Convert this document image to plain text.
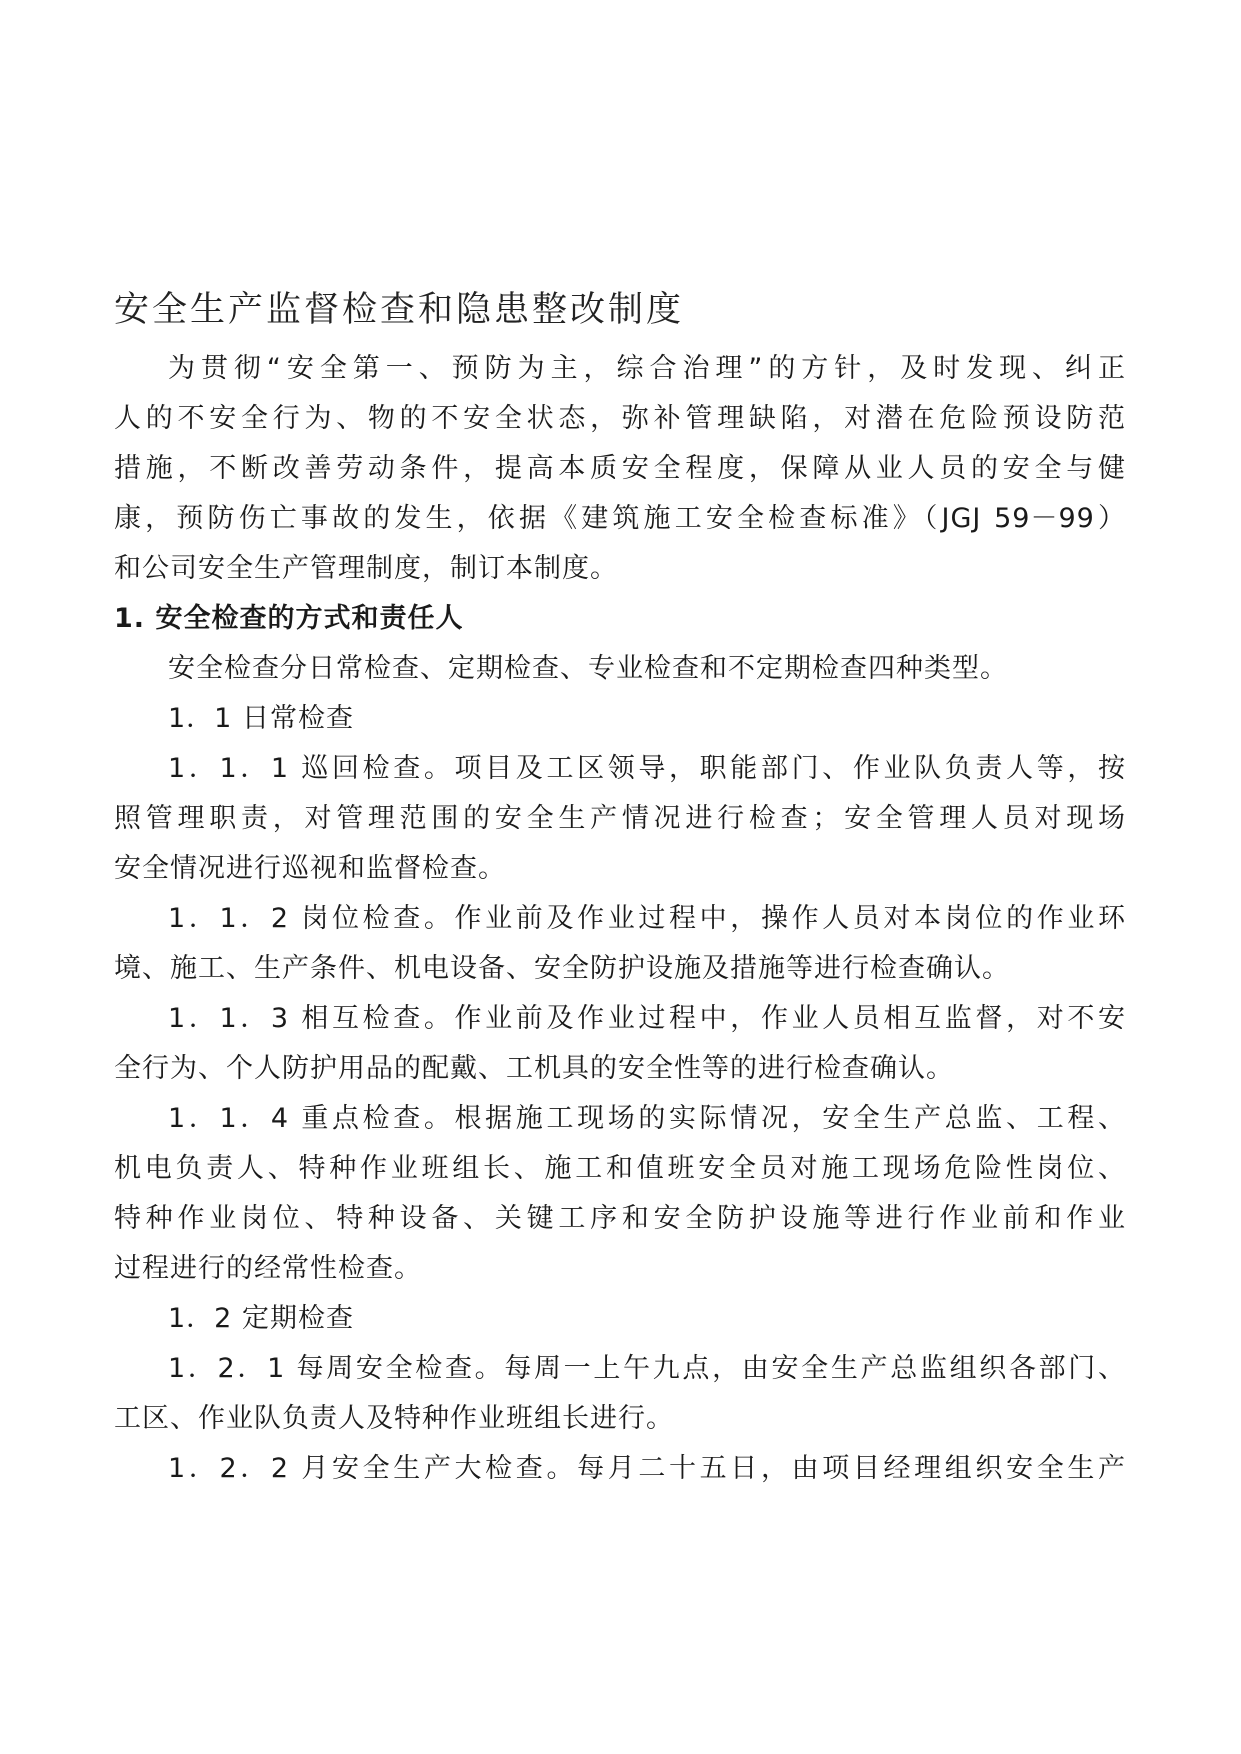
安全生产监督检查和隐患整改制度
为贯彻“安全第一、预防为主，综合治理”的方针，及时发现、纠正
人的不安全行为、物的不安全状态，弥补管理缺陷，对潜在危险预设防范
措施，不断改善劳动条件，提高本质安全程度，保障从业人员的安全与健
康，预防伤亡事故的发生，依据《建筑施工安全检查标准》（JGJ 59－99）
和公司安全生产管理制度，制订本制度。
1. 安全检查的方式和责任人
安全检查分日常检查、定期检查、专业检查和不定期检查四种类型。
1．1 日常检查
1．1．1 巡回检查。项目及工区领导，职能部门、作业队负责人等，按
照管理职责，对管理范围的安全生产情况进行检查；安全管理人员对现场
安全情况进行巡视和监督检查。
1．1．2 岗位检查。作业前及作业过程中，操作人员对本岗位的作业环
境、施工、生产条件、机电设备、安全防护设施及措施等进行检查确认。
1．1．3 相互检查。作业前及作业过程中，作业人员相互监督，对不安
全行为、个人防护用品的配戴、工机具的安全性等的进行检查确认。
1．1．4 重点检查。根据施工现场的实际情况，安全生产总监、工程、
机电负责人、特种作业班组长、施工和值班安全员对施工现场危险性岗位、
特种作业岗位、特种设备、关键工序和安全防护设施等进行作业前和作业
过程进行的经常性检查。
1．2 定期检查
1．2．1 每周安全检查。每周一上午九点，由安全生产总监组织各部门、
工区、作业队负责人及特种作业班组长进行。
1．2．2 月安全生产大检查。每月二十五日，由项目经理组织安全生产
